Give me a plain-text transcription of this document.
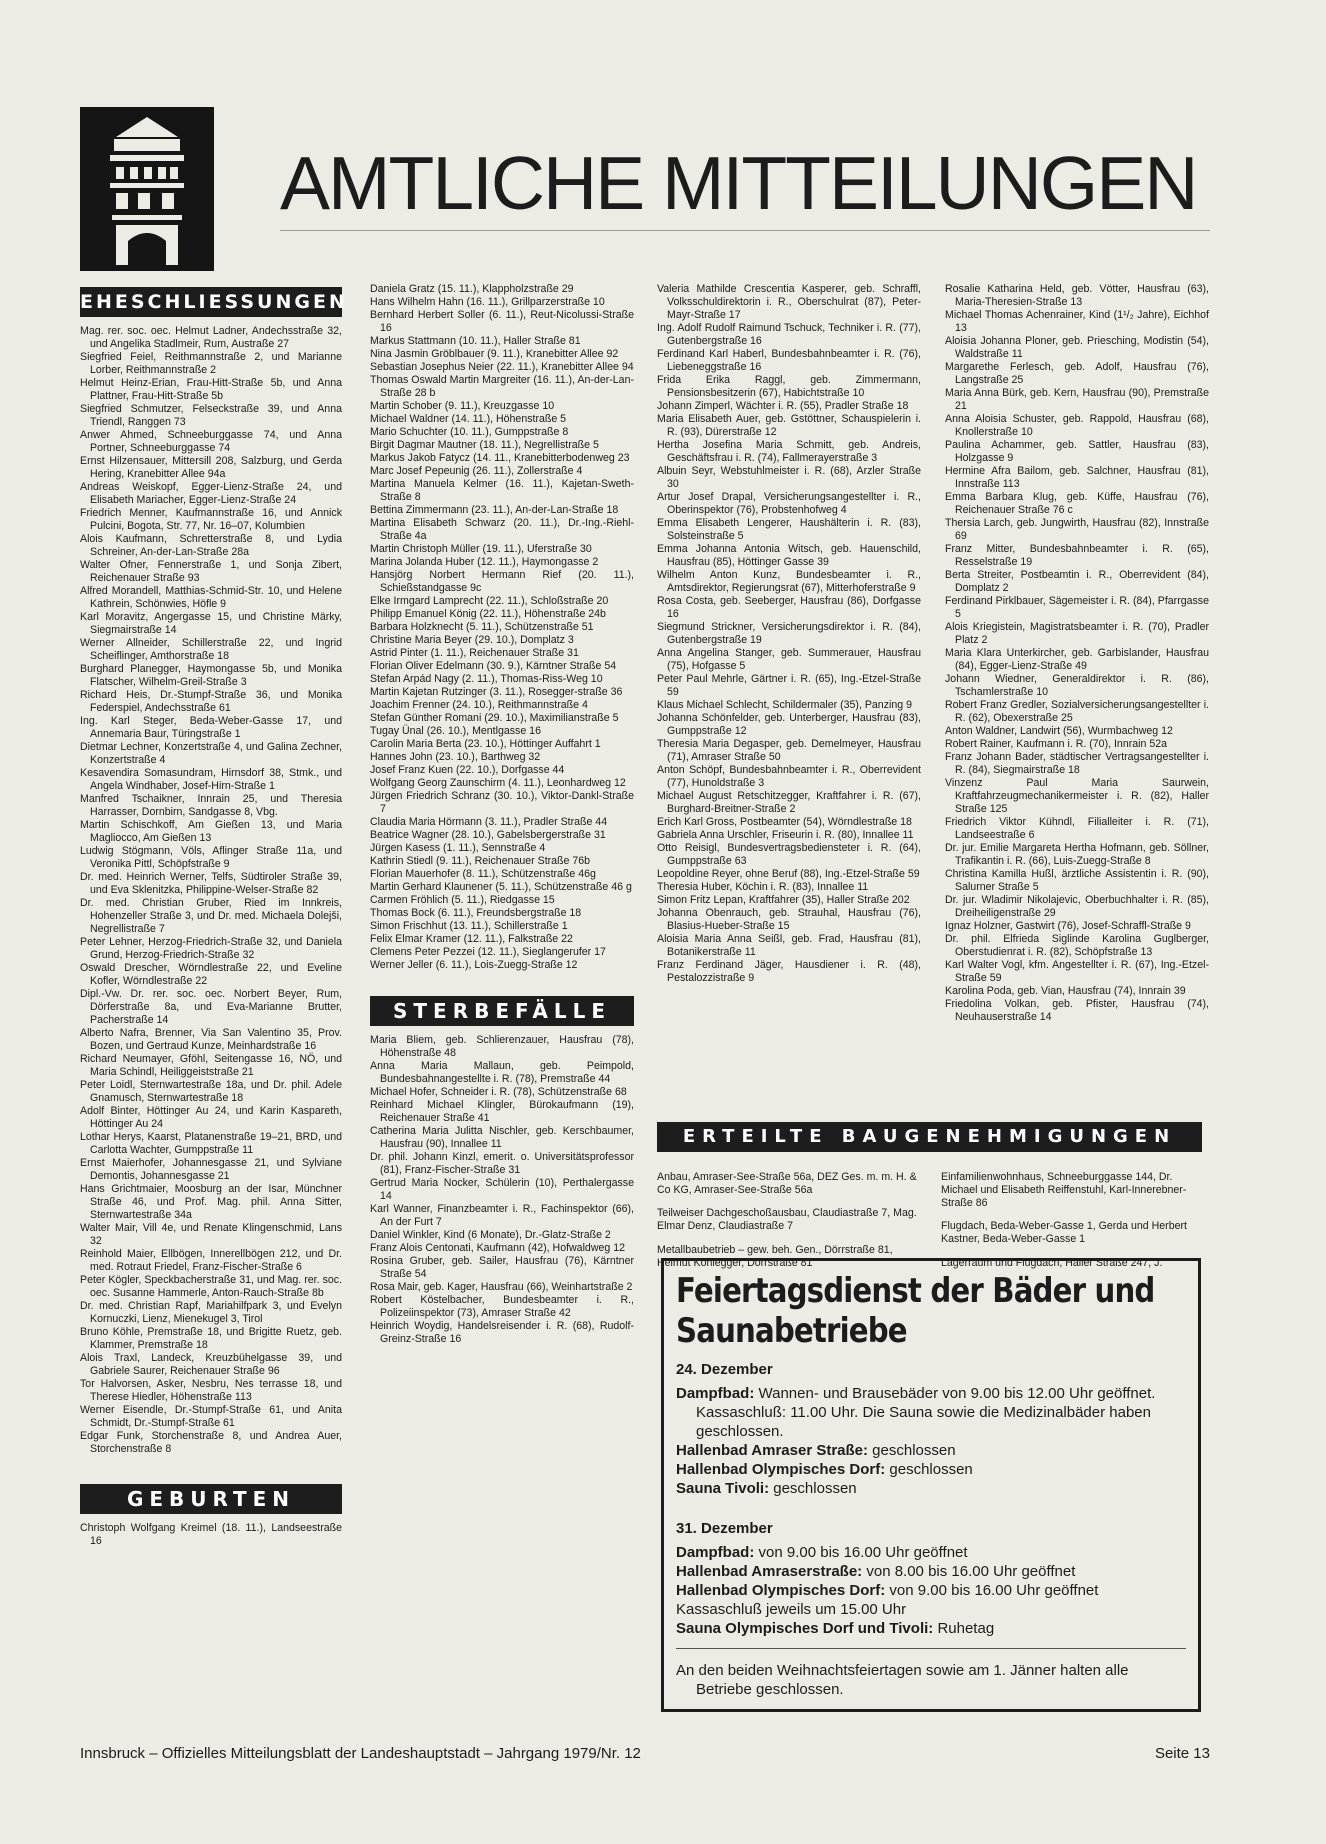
AMTLICHE MITTEILUNGEN
EHESCHLIESSUNGEN

Mag. rer. soc. oec. Helmut Ladner, Andechsstraße 32, und Angelika Stadlmeir, Rum, Austraße 27

Siegfried Feiel, Reithmannstraße 2, und Marianne Lorber, Reithmannstraße 2

Helmut Heinz-Erian, Frau-Hitt-Straße 5b, und Anna Plattner, Frau-Hitt-Straße 5b

Siegfried Schmutzer, Felseckstraße 39, und Anna Triendl, Ranggen 73

Anwer Ahmed, Schneeburggasse 74, und Anna Portner, Schneeburggasse 74

Ernst Hilzensauer, Mittersill 208, Salzburg, und Gerda Hering, Kranebitter Allee 94a

Andreas Weiskopf, Egger-Lienz-Straße 24, und Elisabeth Mariacher, Egger-Lienz-Straße 24

Friedrich Menner, Kaufmannstraße 16, und Annick Pulcini, Bogota, Str. 77, Nr. 16–07, Kolumbien

Alois Kaufmann, Schretterstraße 8, und Lydia Schreiner, An-der-Lan-Straße 28a

Walter Ofner, Fennerstraße 1, und Sonja Zibert, Reichenauer Straße 93

Alfred Morandell, Matthias-Schmid-Str. 10, und Helene Kathrein, Schönwies, Höfle 9

Karl Moravitz, Angergasse 15, und Christine Märky, Siegmairstraße 14

Werner Allneider, Schillerstraße 22, und Ingrid Scheiflinger, Amthorstraße 18

Burghard Planegger, Haymongasse 5b, und Monika Flatscher, Wilhelm-Greil-Straße 3

Richard Heis, Dr.-Stumpf-Straße 36, und Monika Federspiel, Andechsstraße 61

Ing. Karl Steger, Beda-Weber-Gasse 17, und Annemaria Baur, Türingstraße 1

Dietmar Lechner, Konzertstraße 4, und Galina Zechner, Konzertstraße 4

Kesavendira Somasundram, Hirnsdorf 38, Stmk., und Angela Windhaber, Josef-Hirn-Straße 1

Manfred Tschaikner, Innrain 25, und Theresia Harrasser, Dornbirn, Sandgasse 8, Vbg.

Martin Schischkoff, Am Gießen 13, und Maria Magliocco, Am Gießen 13

Ludwig Stögmann, Völs, Aflinger Straße 11a, und Veronika Pittl, Schöpfstraße 9

Dr. med. Heinrich Werner, Telfs, Südtiroler Straße 39, und Eva Sklenitzka, Philippine-Welser-Straße 82

Dr. med. Christian Gruber, Ried im Innkreis, Hohenzeller Straße 3, und Dr. med. Michaela Dolejši, Negrellistraße 7

Peter Lehner, Herzog-Friedrich-Straße 32, und Daniela Grund, Herzog-Friedrich-Straße 32

Oswald Drescher, Wörndlestraße 22, und Eveline Kofler, Wörndlestraße 22

Dipl.-Vw. Dr. rer. soc. oec. Norbert Beyer, Rum, Dörferstraße 8a, und Eva-Marianne Brutter, Pacherstraße 14

Alberto Nafra, Brenner, Via San Valentino 35, Prov. Bozen, und Gertraud Kunze, Meinhardstraße 16

Richard Neumayer, Gföhl, Seitengasse 16, NÖ, und Maria Schindl, Heiliggeiststraße 21

Peter Loidl, Sternwartestraße 18a, und Dr. phil. Adele Gnamusch, Sternwartestraße 18

Adolf Binter, Höttinger Au 24, und Karin Kaspareth, Höttinger Au 24

Lothar Herys, Kaarst, Platanenstraße 19–21, BRD, und Carlotta Wachter, Gumppstraße 11

Ernst Maierhofer, Johannesgasse 21, und Sylviane Demontis, Johannesgasse 21

Hans Grichtmaier, Moosburg an der Isar, Münchner Straße 46, und Prof. Mag. phil. Anna Sitter, Sternwartestraße 34a

Walter Mair, Vill 4e, und Renate Klingenschmid, Lans 32

Reinhold Maier, Ellbögen, Innerellbögen 212, und Dr. med. Rotraut Friedel, Franz-Fischer-Straße 6

Peter Kögler, Speckbacherstraße 31, und Mag. rer. soc. oec. Susanne Hammerle, Anton-Rauch-Straße 8b

Dr. med. Christian Rapf, Mariahilfpark 3, und Evelyn Kornuczki, Lienz, Mienekugel 3, Tirol

Bruno Köhle, Premstraße 18, und Brigitte Ruetz, geb. Klammer, Premstraße 18

Alois Traxl, Landeck, Kreuzbühelgasse 39, und Gabriele Saurer, Reichenauer Straße 96

Tor Halvorsen, Asker, Nesbru, Nes terrasse 18, und Therese Hiedler, Höhenstraße 113

Werner Eisendle, Dr.-Stumpf-Straße 61, und Anita Schmidt, Dr.-Stumpf-Straße 61

Edgar Funk, Storchenstraße 8, und Andrea Auer, Storchenstraße 8

GEBURTEN

Christoph Wolfgang Kreimel (18. 11.), Landseestraße 16

Daniela Gratz (15. 11.), Klappholzstraße 29

Hans Wilhelm Hahn (16. 11.), Grillparzerstraße 10

Bernhard Herbert Soller (6. 11.), Reut-Nicolussi-Straße 16

Markus Stattmann (10. 11.), Haller Straße 81

Nina Jasmin Gröblbauer (9. 11.), Kranebitter Allee 92

Sebastian Josephus Neier (22. 11.), Kranebitter Allee 94

Thomas Oswald Martin Margreiter (16. 11.), An-der-Lan-Straße 28 b

Martin Schober (9. 11.), Kreuzgasse 10

Michael Waldner (14. 11.), Höhenstraße 5

Mario Schuchter (10. 11.), Gumppstraße 8

Birgit Dagmar Mautner (18. 11.), Negrellistraße 5

Markus Jakob Fatycz (14. 11., Kranebitterbodenweg 23

Marc Josef Pepeunig (26. 11.), Zollerstraße 4

Martina Manuela Kelmer (16. 11.), Kajetan-Sweth-Straße 8

Bettina Zimmermann (23. 11.), An-der-Lan-Straße 18

Martina Elisabeth Schwarz (20. 11.), Dr.-Ing.-Riehl-Straße 4a

Martin Christoph Müller (19. 11.), Uferstraße 30

Marina Jolanda Huber (12. 11.), Haymongasse 2

Hansjörg Norbert Hermann Rief (20. 11.), Schießstandgasse 9c

Elke Irmgard Lamprecht (22. 11.), Schloßstraße 20

Philipp Emanuel König (22. 11.), Höhenstraße 24b

Barbara Holzknecht (5. 11.), Schützenstraße 51

Christine Maria Beyer (29. 10.), Domplatz 3

Astrid Pinter (1. 11.), Reichenauer Straße 31

Florian Oliver Edelmann (30. 9.), Kärntner Straße 54

Stefan Arpád Nagy (2. 11.), Thomas-Riss-Weg 10

Martin Kajetan Rutzinger (3. 11.), Rosegger-straße 36

Joachim Frenner (24. 10.), Reithmannstraße 4

Stefan Günther Romani (29. 10.), Maximilianstraße 5

Tugay Ünal (26. 10.), Mentlgasse 16

Carolin Maria Berta (23. 10.), Höttinger Auffahrt 1

Hannes John (23. 10.), Barthweg 32

Josef Franz Kuen (22. 10.), Dorfgasse 44

Wolfgang Georg Zaunschirm (4. 11.), Leonhardweg 12

Jürgen Friedrich Schranz (30. 10.), Viktor-Dankl-Straße 7

Claudia Maria Hörmann (3. 11.), Pradler Straße 44

Beatrice Wagner (28. 10.), Gabelsbergerstraße 31

Jürgen Kasess (1. 11.), Sennstraße 4

Kathrin Stiedl (9. 11.), Reichenauer Straße 76b

Florian Mauerhofer (8. 11.), Schützenstraße 46g

Martin Gerhard Klaunener (5. 11.), Schützenstraße 46 g

Carmen Fröhlich (5. 11.), Riedgasse 15

Thomas Bock (6. 11.), Freundsbergstraße 18

Simon Frischhut (13. 11.), Schillerstraße 1

Felix Elmar Kramer (12. 11.), Falkstraße 22

Clemens Peter Pezzei (12. 11.), Sieglangerufer 17

Werner Jeller (6. 11.), Lois-Zuegg-Straße 12

STERBEFÄLLE

Maria Bliem, geb. Schlierenzauer, Hausfrau (78), Höhenstraße 48

Anna Maria Mallaun, geb. Peimpold, Bundesbahnangestellte i. R. (78), Premstraße 44

Michael Hofer, Schneider i. R. (78), Schützenstraße 68

Reinhard Michael Klingler, Bürokaufmann (19), Reichenauer Straße 41

Catherina Maria Julitta Nischler, geb. Kerschbaumer, Hausfrau (90), Innallee 11

Dr. phil. Johann Kinzl, emerit. o. Universitätsprofessor (81), Franz-Fischer-Straße 31

Gertrud Maria Nocker, Schülerin (10), Perthalergasse 14

Karl Wanner, Finanzbeamter i. R., Fachinspektor (66), An der Furt 7

Daniel Winkler, Kind (6 Monate), Dr.-Glatz-Straße 2

Franz Alois Centonati, Kaufmann (42), Hofwaldweg 12

Rosina Gruber, geb. Sailer, Hausfrau (76), Kärntner Straße 54

Rosa Mair, geb. Kager, Hausfrau (66), Weinhartstraße 2

Robert Köstelbacher, Bundesbeamter i. R., Polizeiinspektor (73), Amraser Straße 42

Heinrich Woydig, Handelsreisender i. R. (68), Rudolf-Greinz-Straße 16

Valeria Mathilde Crescentia Kasperer, geb. Schraffl, Volksschuldirektorin i. R., Oberschulrat (87), Peter-Mayr-Straße 17

Ing. Adolf Rudolf Raimund Tschuck, Techniker i. R. (77), Gutenbergstraße 16

Ferdinand Karl Haberl, Bundesbahnbeamter i. R. (76), Liebeneggstraße 16

Frida Erika Raggl, geb. Zimmermann, Pensionsbesitzerin (67), Habichtstraße 10

Johann Zimperl, Wächter i. R. (55), Pradler Straße 18

Maria Elisabeth Auer, geb. Gstöttner, Schauspielerin i. R. (93), Dürerstraße 12

Hertha Josefina Maria Schmitt, geb. Andreis, Geschäftsfrau i. R. (74), Fallmerayerstraße 3

Albuin Seyr, Webstuhlmeister i. R. (68), Arzler Straße 30

Artur Josef Drapal, Versicherungsangestellter i. R., Oberinspektor (76), Probstenhofweg 4

Emma Elisabeth Lengerer, Haushälterin i. R. (83), Solsteinstraße 5

Emma Johanna Antonia Witsch, geb. Hauenschild, Hausfrau (85), Höttinger Gasse 39

Wilhelm Anton Kunz, Bundesbeamter i. R., Amtsdirektor, Regierungsrat (67), Mitterhoferstraße 9

Rosa Costa, geb. Seeberger, Hausfrau (86), Dorfgasse 16

Siegmund Strickner, Versicherungsdirektor i. R. (84), Gutenbergstraße 19

Anna Angelina Stanger, geb. Summerauer, Hausfrau (75), Hofgasse 5

Peter Paul Mehrle, Gärtner i. R. (65), Ing.-Etzel-Straße 59

Klaus Michael Schlecht, Schildermaler (35), Panzing 9

Johanna Schönfelder, geb. Unterberger, Hausfrau (83), Gumppstraße 12

Theresia Maria Degasper, geb. Demelmeyer, Hausfrau (71), Amraser Straße 50

Anton Schöpf, Bundesbahnbeamter i. R., Oberrevident (77), Hunoldstraße 3

Michael August Retschitzegger, Kraftfahrer i. R. (67), Burghard-Breitner-Straße 2

Erich Karl Gross, Postbeamter (54), Wörndlestraße 18

Gabriela Anna Urschler, Friseurin i. R. (80), Innallee 11

Otto Reisigl, Bundesvertragsbediensteter i. R. (64), Gumppstraße 63

Leopoldine Reyer, ohne Beruf (88), Ing.-Etzel-Straße 59

Theresia Huber, Köchin i. R. (83), Innallee 11

Simon Fritz Lepan, Kraftfahrer (35), Haller Straße 202

Johanna Obenrauch, geb. Strauhal, Hausfrau (76), Blasius-Hueber-Straße 15

Aloisia Maria Anna Seißl, geb. Frad, Hausfrau (81), Botanikerstraße 11

Franz Ferdinand Jäger, Hausdiener i. R. (48), Pestalozzistraße 9

Rosalie Katharina Held, geb. Vötter, Hausfrau (63), Maria-Theresien-Straße 13

Michael Thomas Achenrainer, Kind (1¹/₂ Jahre), Eichhof 13

Aloisia Johanna Ploner, geb. Priesching, Modistin (54), Waldstraße 11

Margarethe Ferlesch, geb. Adolf, Hausfrau (76), Langstraße 25

Maria Anna Bürk, geb. Kern, Hausfrau (90), Premstraße 21

Anna Aloisia Schuster, geb. Rappold, Hausfrau (68), Knollerstraße 10

Paulina Achammer, geb. Sattler, Hausfrau (83), Holzgasse 9

Hermine Afra Bailom, geb. Salchner, Hausfrau (81), Innstraße 113

Emma Barbara Klug, geb. Küffe, Hausfrau (76), Reichenauer Straße 76 c

Thersia Larch, geb. Jungwirth, Hausfrau (82), Innstraße 69

Franz Mitter, Bundesbahnbeamter i. R. (65), Resselstraße 19

Berta Streiter, Postbeamtin i. R., Oberrevident (84), Domplatz 2

Ferdinand Pirklbauer, Sägemeister i. R. (84), Pfarrgasse 5

Alois Kriegistein, Magistratsbeamter i. R. (70), Pradler Platz 2

Maria Klara Unterkircher, geb. Garbislander, Hausfrau (84), Egger-Lienz-Straße 49

Johann Wiedner, Generaldirektor i. R. (86), Tschamlerstraße 10

Robert Franz Gredler, Sozialversicherungsangestellter i. R. (62), Obexerstraße 25

Anton Waldner, Landwirt (56), Wurmbachweg 12

Robert Rainer, Kaufmann i. R. (70), Innrain 52a

Franz Johann Bader, städtischer Vertragsangestellter i. R. (84), Siegmairstraße 18

Vinzenz Paul Maria Saurwein, Kraftfahrzeugmechanikermeister i. R. (82), Haller Straße 125

Friedrich Viktor Kühndl, Filialleiter i. R. (71), Landseestraße 6

Dr. jur. Emilie Margareta Hertha Hofmann, geb. Söllner, Trafikantin i. R. (66), Luis-Zuegg-Straße 8

Christina Kamilla Hußl, ärztliche Assistentin i. R. (90), Salurner Straße 5

Dr. jur. Wladimir Nikolajevic, Oberbuchhalter i. R. (85), Dreiheiligenstraße 29

Ignaz Holzner, Gastwirt (76), Josef-Schraffl-Straße 9

Dr. phil. Elfrieda Siglinde Karolina Guglberger, Oberstudienrat i. R. (82), Schöpfstraße 13

Karl Walter Vogl, kfm. Angestellter i. R. (67), Ing.-Etzel-Straße 59

Karolina Poda, geb. Vian, Hausfrau (74), Innrain 39

Friedolina Volkan, geb. Pfister, Hausfrau (74), Neuhauserstraße 14

ERTEILTE BAUGENEHMIGUNGEN

Anbau, Amraser-See-Straße 56a, DEZ Ges. m. m. H. & Co KG, Amraser-See-Straße 56a

Teilweiser Dachgeschoßausbau, Claudiastraße 7, Mag. Elmar Denz, Claudiastraße 7

Metallbaubetrieb – gew. beh. Gen., Dörrstraße 81, Helmut Kohlegger, Dörrstraße 81

Einfamilienwohnhaus, Schneeburggasse 144, Dr. Michael und Elisabeth Reiffenstuhl, Karl-Innerebner-Straße 86

Flugdach, Beda-Weber-Gasse 1, Gerda und Herbert Kastner, Beda-Weber-Gasse 1

Lagerraum und Flugdach, Haller Straße 247, J.

Feiertagsdienst der Bäder und Saunabetriebe
24. Dezember
Dampfbad: Wannen- und Brausebäder von 9.00 bis 12.00 Uhr geöffnet. Kassaschluß: 11.00 Uhr. Die Sauna sowie die Medizinalbäder haben geschlossen.
Hallenbad Amraser Straße: geschlossen
Hallenbad Olympisches Dorf: geschlossen
Sauna Tivoli: geschlossen
31. Dezember
Dampfbad: von 9.00 bis 16.00 Uhr geöffnet
Hallenbad Amraserstraße: von 8.00 bis 16.00 Uhr geöffnet
Hallenbad Olympisches Dorf: von 9.00 bis 16.00 Uhr geöffnet
Kassaschluß jeweils um 15.00 Uhr
Sauna Olympisches Dorf und Tivoli: Ruhetag
An den beiden Weihnachtsfeiertagen sowie am 1. Jänner halten alle Betriebe geschlossen.
Innsbruck – Offizielles Mitteilungsblatt der Landeshauptstadt – Jahrgang 1979/Nr. 12	Seite 13
